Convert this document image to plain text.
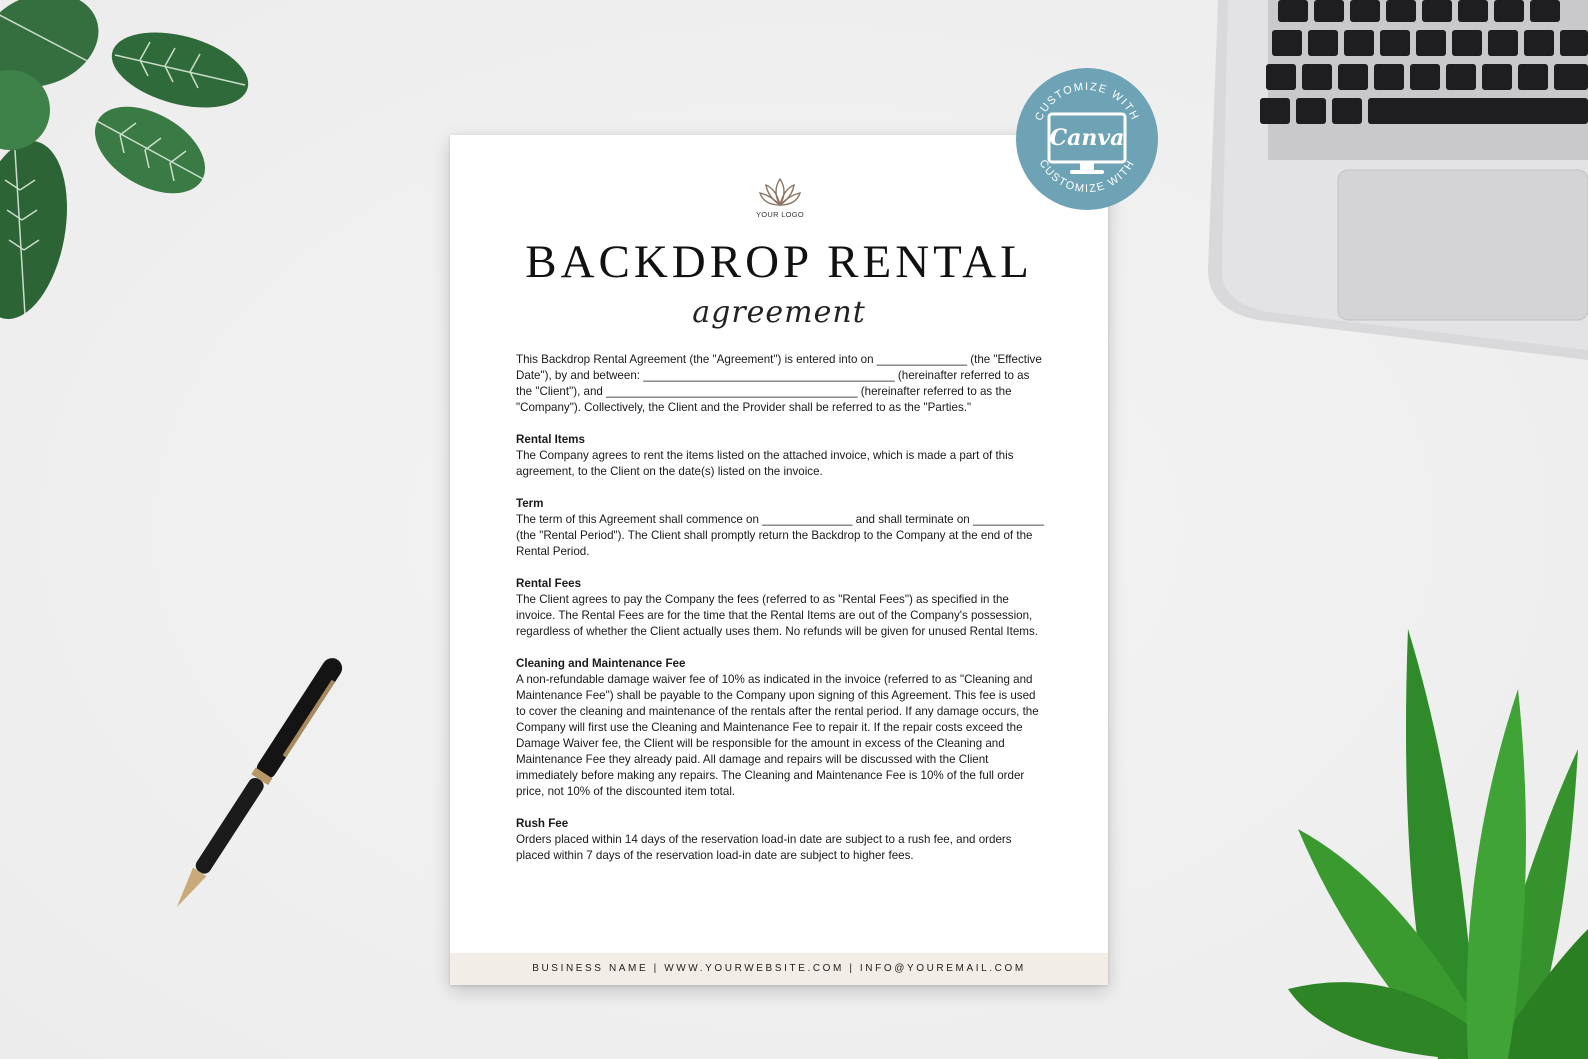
YOUR LOGO
BACKDROP RENTAL
agreement

This Backdrop Rental Agreement (the "Agreement") is entered into on ______________ (the "Effective Date"), by and between: _______________________________________ (hereinafter referred to as the "Client"), and _______________________________________ (hereinafter referred to as the "Company"). Collectively, the Client and the Provider shall be referred to as the "Parties."

Rental Items
The Company agrees to rent the items listed on the attached invoice, which is made a part of this agreement, to the Client on the date(s) listed on the invoice.

Term
The term of this Agreement shall commence on ______________ and shall terminate on ___________ (the "Rental Period"). The Client shall promptly return the Backdrop to the Company at the end of the Rental Period.

Rental Fees
The Client agrees to pay the Company the fees (referred to as "Rental Fees") as specified in the invoice. The Rental Fees are for the time that the Rental Items are out of the Company's possession, regardless of whether the Client actually uses them. No refunds will be given for unused Rental Items.

Cleaning and Maintenance Fee
A non-refundable damage waiver fee of 10% as indicated in the invoice (referred to as "Cleaning and Maintenance Fee") shall be payable to the Company upon signing of this Agreement. This fee is used to cover the cleaning and maintenance of the rentals after the rental period. If any damage occurs, the Company will first use the Cleaning and Maintenance Fee to repair it. If the repair costs exceed the Damage Waiver fee, the Client will be responsible for the amount in excess of the Cleaning and Maintenance Fee they already paid. All damage and repairs will be discussed with the Client immediately before making any repairs. The Cleaning and Maintenance Fee is 10% of the full order price, not 10% of the discounted item total.

Rush Fee
Orders placed within 14 days of the reservation load-in date are subject to a rush fee, and orders placed within 7 days of the reservation load-in date are subject to higher fees.

BUSINESS NAME | WWW.YOURWEBSITE.COM | INFO@YOUREMAIL.COM
CUSTOMIZE WITH
CUSTOMIZE WITH
Canva
